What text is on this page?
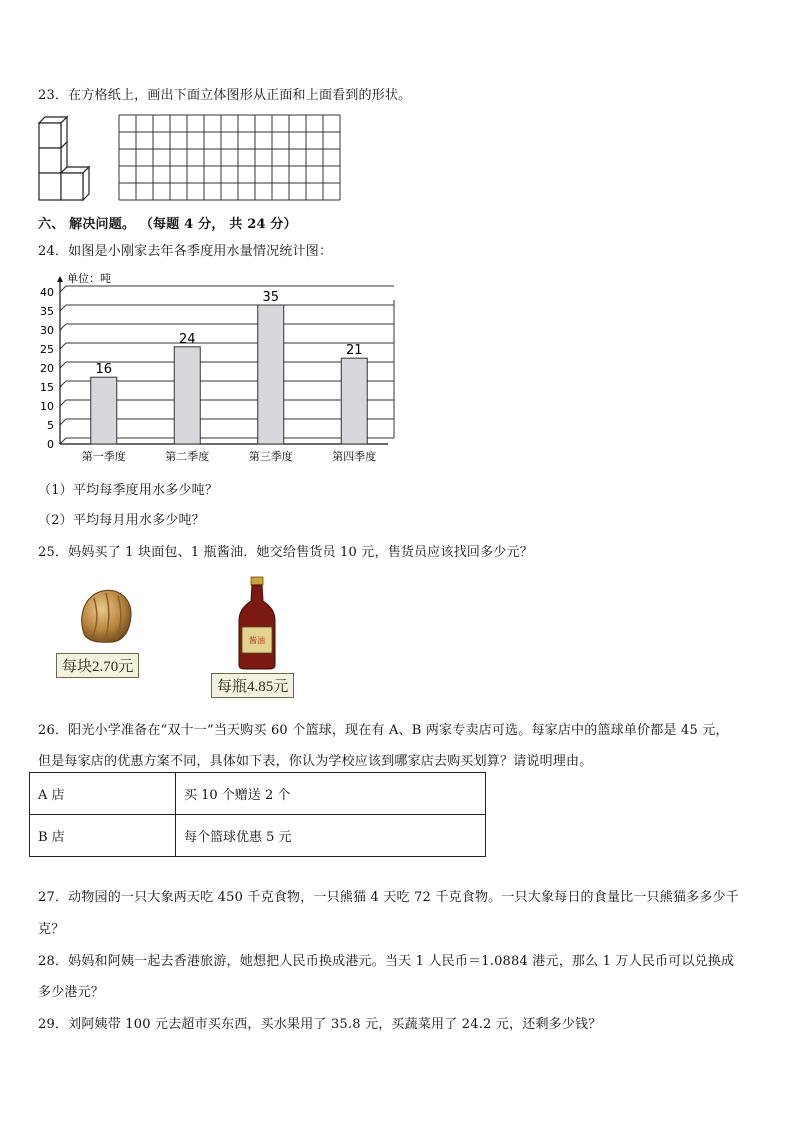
23．在方格纸上，画出下面立体图形从正面和上面看到的形状。
六、 解决问题。 （每题 4 分， 共 24 分）
24．如图是小刚家去年各季度用水量情况统计图：
单位：吨
16
24
35
21
0
5
10
15
20
25
30
35
40
第一季度	第二季度	第三季度	第四季度
（1）平均每季度用水多少吨？
（2）平均每月用水多少吨？
25．妈妈买了 1 块面包、1 瓶酱油．她交给售货员 10 元，售货员应该找回多少元？
每块2.70元
酱油
每瓶4.85元
26．阳光小学准备在“双十一”当天购买 60 个篮球，现在有 A、B 两家专卖店可选。每家店中的篮球单价都是 45 元，
但是每家店的优惠方案不同，具体如下表，你认为学校应该到哪家店去购买划算？请说明理由。
A 店	买 10 个赠送 2 个
B 店	每个篮球优惠 5 元
27．动物园的一只大象两天吃 450 千克食物，一只熊猫 4 天吃 72 千克食物。一只大象每日的食量比一只熊猫多多少千
克？
28．妈妈和阿姨一起去香港旅游，她想把人民币换成港元。当天 1 人民币＝1.0884 港元，那么 1 万人民币可以兑换成
多少港元？
29．刘阿姨带 100 元去超市买东西，买水果用了 35.8 元，买蔬菜用了 24.2 元，还剩多少钱？
